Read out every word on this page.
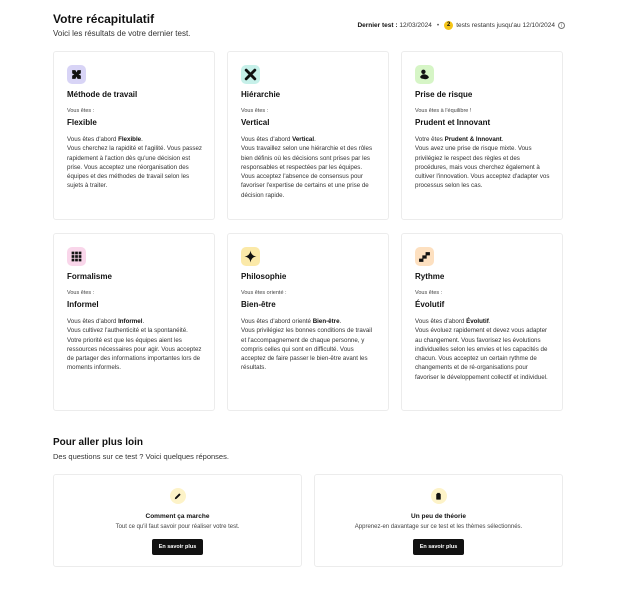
Votre récapitulatif
Voici les résultats de votre dernier test.
Dernier test :
12/03/2024 •	2 tests restants jusqu'au 12/10/2024	i
Méthode de travail
Vous êtes :
Flexible
Vous êtes d'abord Flexible.
Vous cherchez la rapidité et l'agilité. Vous passez rapidement à l'action dès qu'une décision est prise. Vous acceptez une réorganisation des équipes et des méthodes de travail selon les sujets à traiter.
Hiérarchie
Vous êtes :
Vertical
Vous êtes d'abord Vertical.
Vous travaillez selon une hiérarchie et des rôles bien définis où les décisions sont prises par les responsables et respectées par les équipes. Vous acceptez l'absence de consensus pour favoriser l'expertise de certains et une prise de décision rapide.
Prise de risque
Vous êtes à l'équilibre !
Prudent et Innovant
Votre êtes Prudent & Innovant.
Vous avez une prise de risque mixte. Vous privilégiez le respect des règles et des procédures, mais vous cherchez également à cultiver l'innovation. Vous acceptez d'adapter vos processus selon les cas.
Formalisme
Vous êtes :
Informel
Vous êtes d'abord Informel.
Vous cultivez l'authenticité et la spontanéité. Votre priorité est que les équipes aient les ressources nécessaires pour agir. Vous acceptez de partager des informations importantes lors de moments informels.
Philosophie
Vous êtes orienté :
Bien-être
Vous êtes d'abord orienté Bien-être.
Vous privilégiez les bonnes conditions de travail et l'accompagnement de chaque personne, y compris celles qui sont en difficulté. Vous acceptez de faire passer le bien-être avant les résultats.
Rythme
Vous êtes :
Évolutif
Vous êtes d'abord Évolutif.
Vous évoluez rapidement et devez vous adapter au changement. Vous favorisez les évolutions individuelles selon les envies et les capacités de chacun. Vous acceptez un certain rythme de changements et de ré-organisations pour favoriser le développement collectif et individuel.
Pour aller plus loin
Des questions sur ce test ? Voici quelques réponses.
Comment ça marche
Tout ce qu'il faut savoir pour réaliser votre test.
En savoir plus
Un peu de théorie
Apprenez-en davantage sur ce test et les thèmes sélectionnés.
En savoir plus
